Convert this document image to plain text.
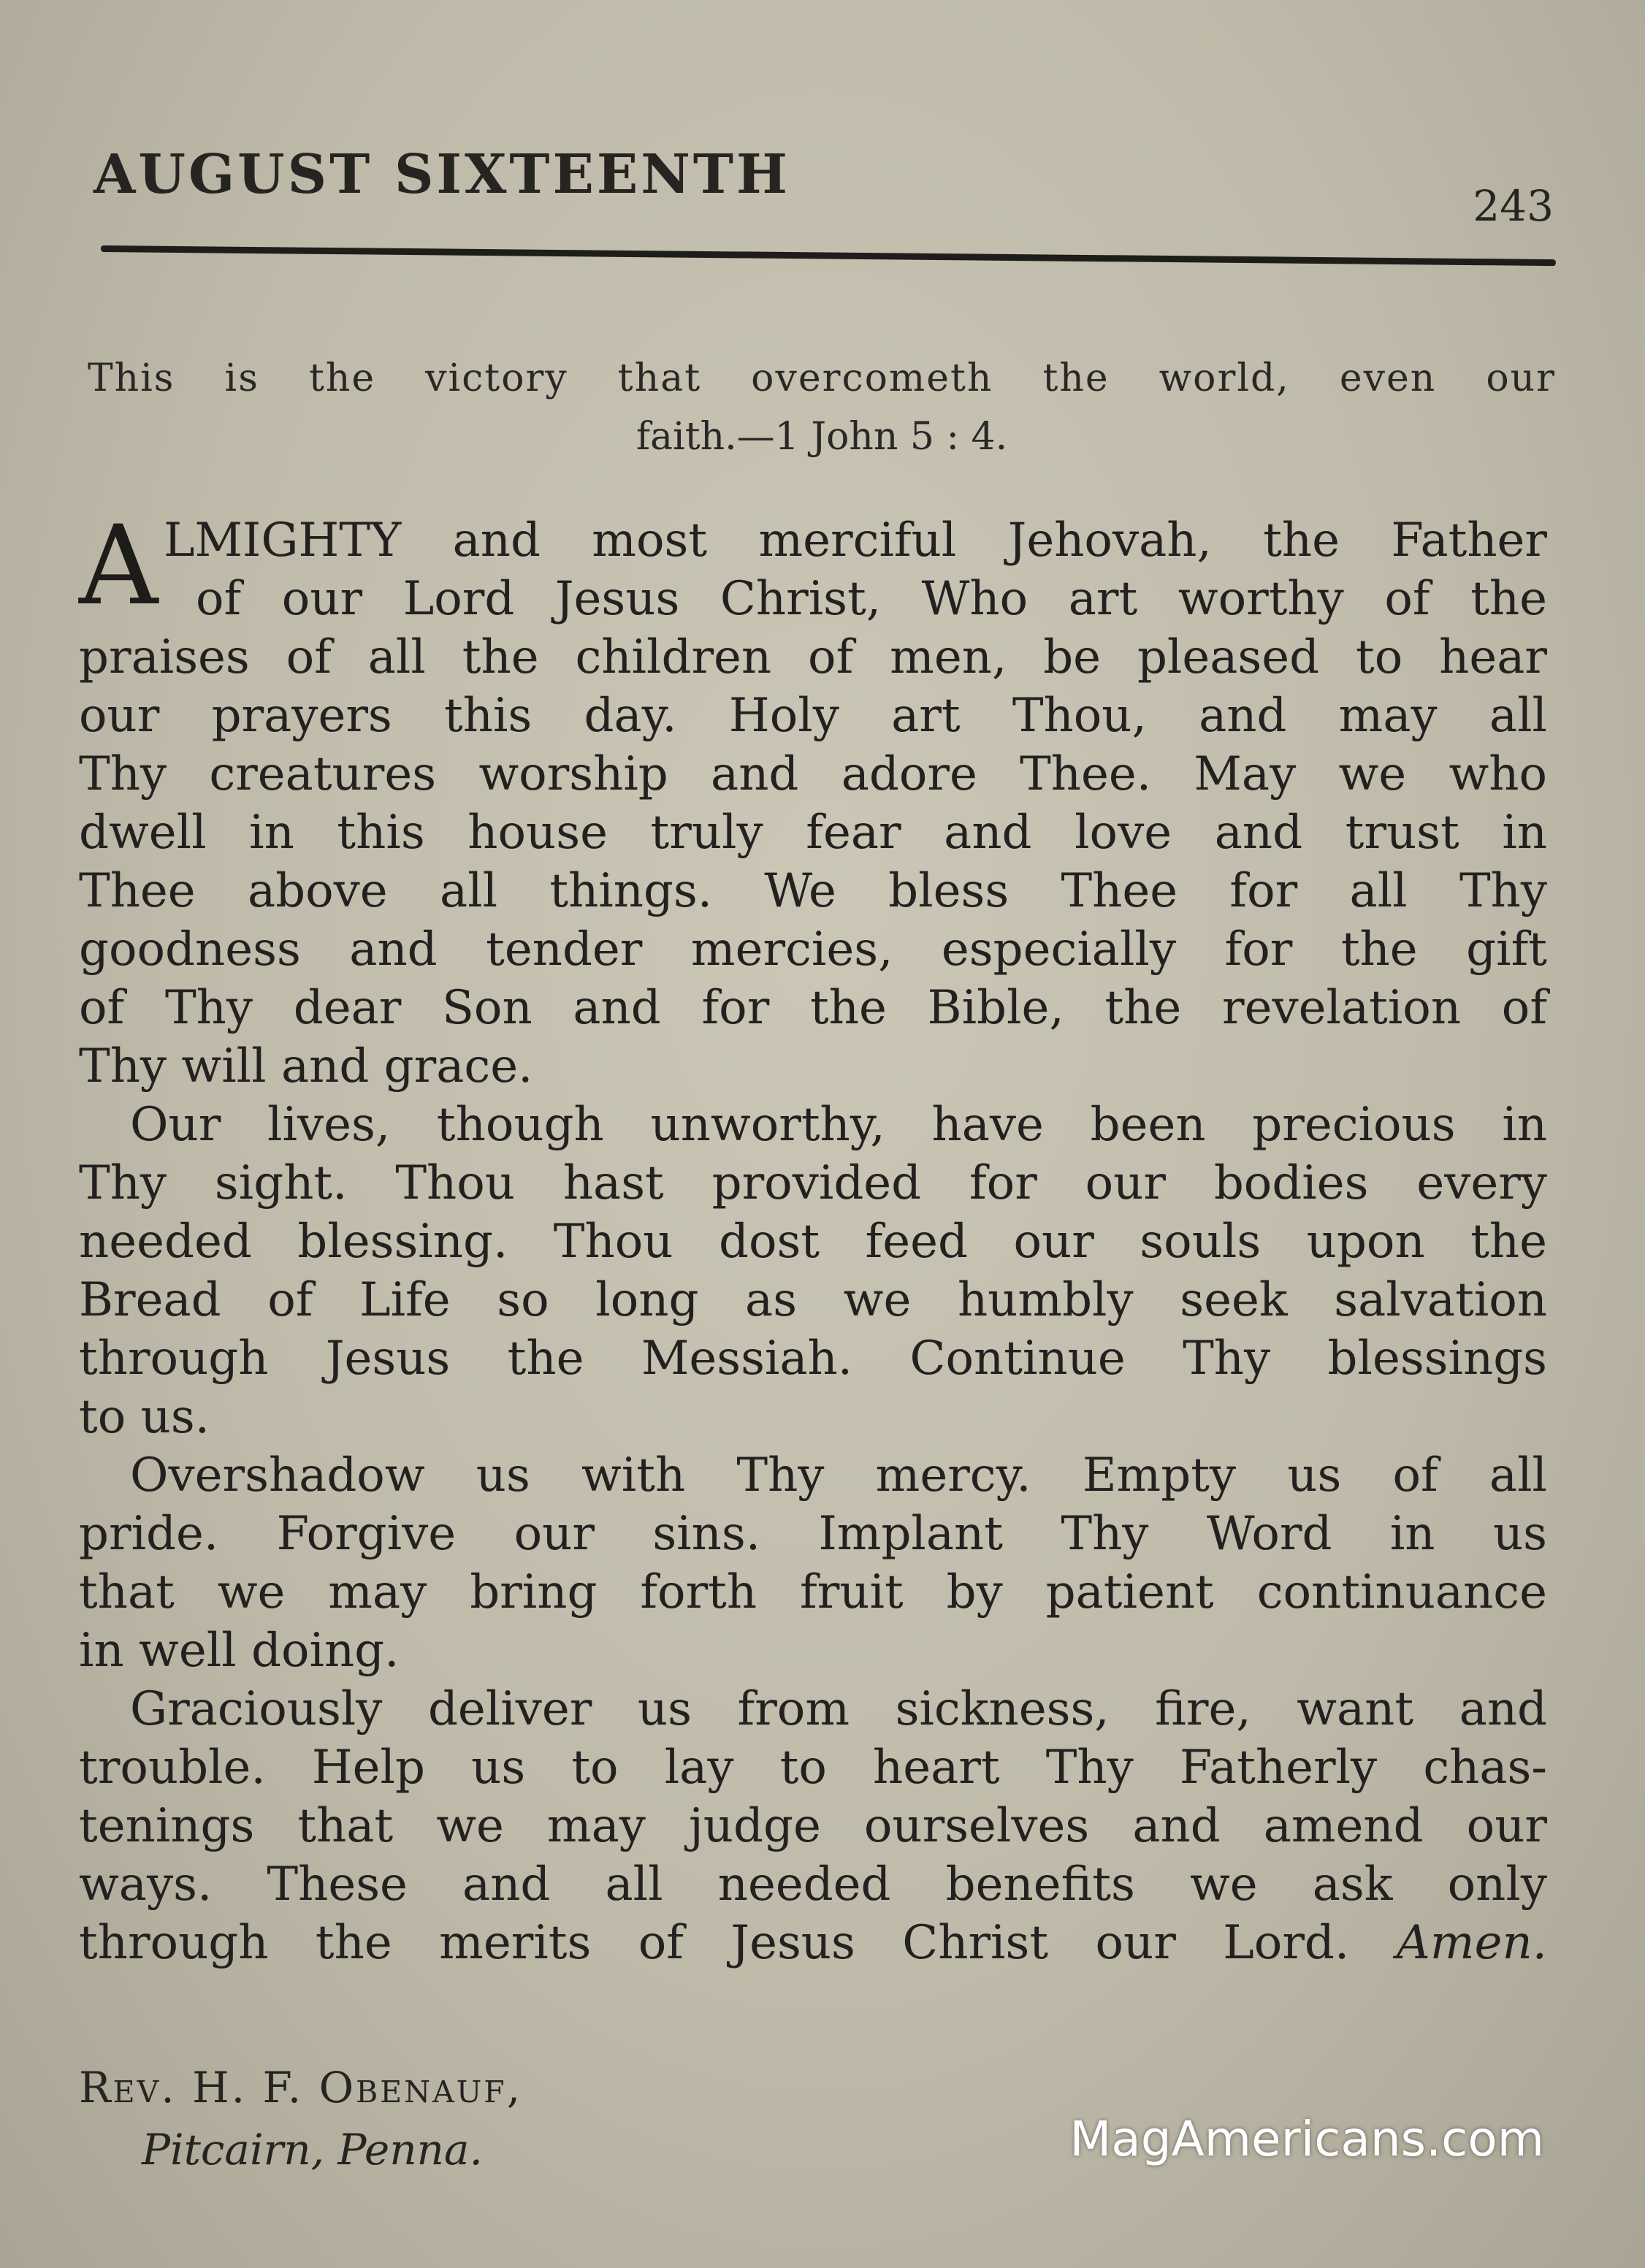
AUGUST SIXTEENTH	243
This is the victory that overcometh the world, even our
faith.—1 John 5 : 4.
A LMIGHTY and most merciful Jehovah, the Father
of our Lord Jesus Christ, Who art worthy of the
praises of all the children of men, be pleased to hear
our prayers this day. Holy art Thou, and may all
Thy creatures worship and adore Thee. May we who
dwell in this house truly fear and love and trust in
Thee above all things. We bless Thee for all Thy
goodness and tender mercies, especially for the gift
of Thy dear Son and for the Bible, the revelation of
Thy will and grace.
Our lives, though unworthy, have been precious in
Thy sight. Thou hast provided for our bodies every
needed blessing. Thou dost feed our souls upon the
Bread of Life so long as we humbly seek salvation
through Jesus the Messiah. Continue Thy blessings
to us.
Overshadow us with Thy mercy. Empty us of all
pride. Forgive our sins. Implant Thy Word in us
that we may bring forth fruit by patient continuance
in well doing.
Graciously deliver us from sickness, fire, want and
trouble. Help us to lay to heart Thy Fatherly chas-
tenings that we may judge ourselves and amend our
ways. These and all needed benefits we ask only
through the merits of Jesus Christ our Lord. Amen.
Rev. H. F. Obenauf,
Pitcairn, Penna.	MagAmericans.com
